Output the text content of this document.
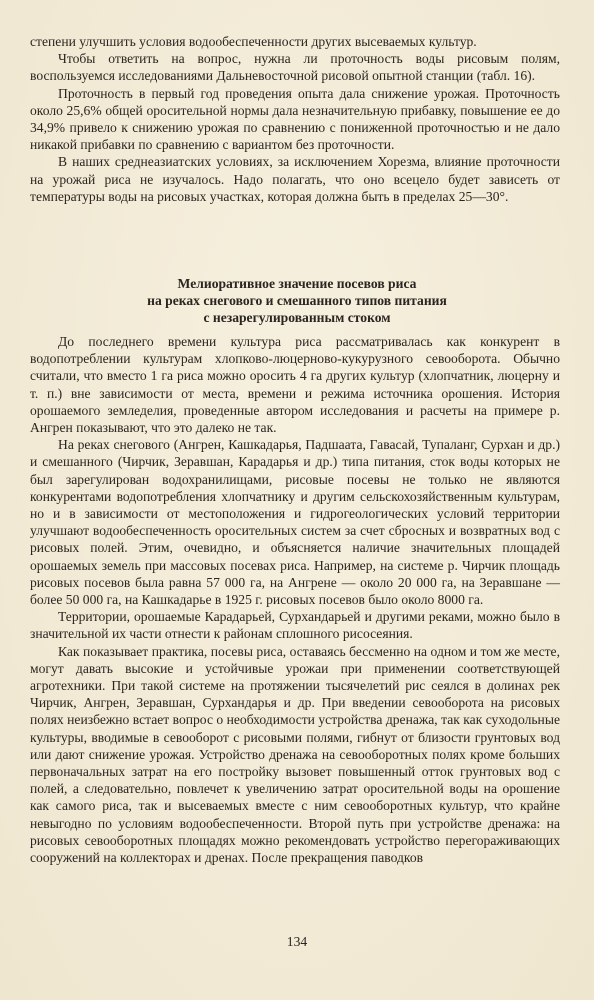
степени улучшить условия водообеспеченности других высеваемых культур.

Чтобы ответить на вопрос, нужна ли проточность воды рисовым полям, воспользуемся исследованиями Дальневосточной рисовой опытной станции (табл. 16).

Проточность в первый год проведения опыта дала снижение урожая. Проточность около 25,6% общей оросительной нормы дала незначительную прибавку, повышение ее до 34,9% привело к снижению урожая по сравнению с пониженной проточностью и не дало никакой прибавки по сравнению с вариантом без проточности.

В наших среднеазиатских условиях, за исключением Хорезма, влияние проточности на урожай риса не изучалось. Надо полагать, что оно всецело будет зависеть от температуры воды на рисовых участках, которая должна быть в пределах 25—30°.

Мелиоративное значение посевов риса
на реках снегового и смешанного типов питания
с незарегулированным стоком

До последнего времени культура риса рассматривалась как конкурент в водопотреблении культурам хлопково-люцерново-кукурузного севооборота. Обычно считали, что вместо 1 га риса можно оросить 4 га других культур (хлопчатник, люцерну и т. п.) вне зависимости от места, времени и режима источника орошения. История орошаемого земледелия, проведенные автором исследования и расчеты на примере р. Ангрен показывают, что это далеко не так.

На реках снегового (Ангрен, Кашкадарья, Падшаата, Гавасай, Тупаланг, Сурхан и др.) и смешанного (Чирчик, Зеравшан, Карадарья и др.) типа питания, сток воды которых не был зарегулирован водохранилищами, рисовые посевы не только не являются конкурентами водопотребления хлопчатнику и другим сельскохозяйственным культурам, но и в зависимости от местоположения и гидрогеологических условий территории улучшают водообеспеченность оросительных систем за счет сбросных и возвратных вод с рисовых полей. Этим, очевидно, и объясняется наличие значительных площадей орошаемых земель при массовых посевах риса. Например, на системе р. Чирчик площадь рисовых посевов была равна 57 000 га, на Ангрене — около 20 000 га, на Зеравшане — более 50 000 га, на Кашкадарье в 1925 г. рисовых посевов было около 8000 га.

Территории, орошаемые Карадарьей, Сурхандарьей и другими реками, можно было в значительной их части отнести к районам сплошного рисосеяния.

Как показывает практика, посевы риса, оставаясь бессменно на одном и том же месте, могут давать высокие и устойчивые урожаи при применении соответствующей агротехники. При такой системе на протяжении тысячелетий рис сеялся в долинах рек Чирчик, Ангрен, Зеравшан, Сурхандарья и др. При введении севооборота на рисовых полях неизбежно встает вопрос о необходимости устройства дренажа, так как суходольные культуры, вводимые в севооборот с рисовыми полями, гибнут от близости грунтовых вод или дают снижение урожая. Устройство дренажа на севооборотных полях кроме больших первоначальных затрат на его постройку вызовет повышенный отток грунтовых вод с полей, а следовательно, повлечет к увеличению затрат оросительной воды на орошение как самого риса, так и высеваемых вместе с ним севооборотных культур, что крайне невыгодно по условиям водообеспеченности. Второй путь при устройстве дренажа: на рисовых севооборотных площадях можно рекомендовать устройство перегораживающих сооружений на коллекторах и дренах. После прекращения паводков

134
